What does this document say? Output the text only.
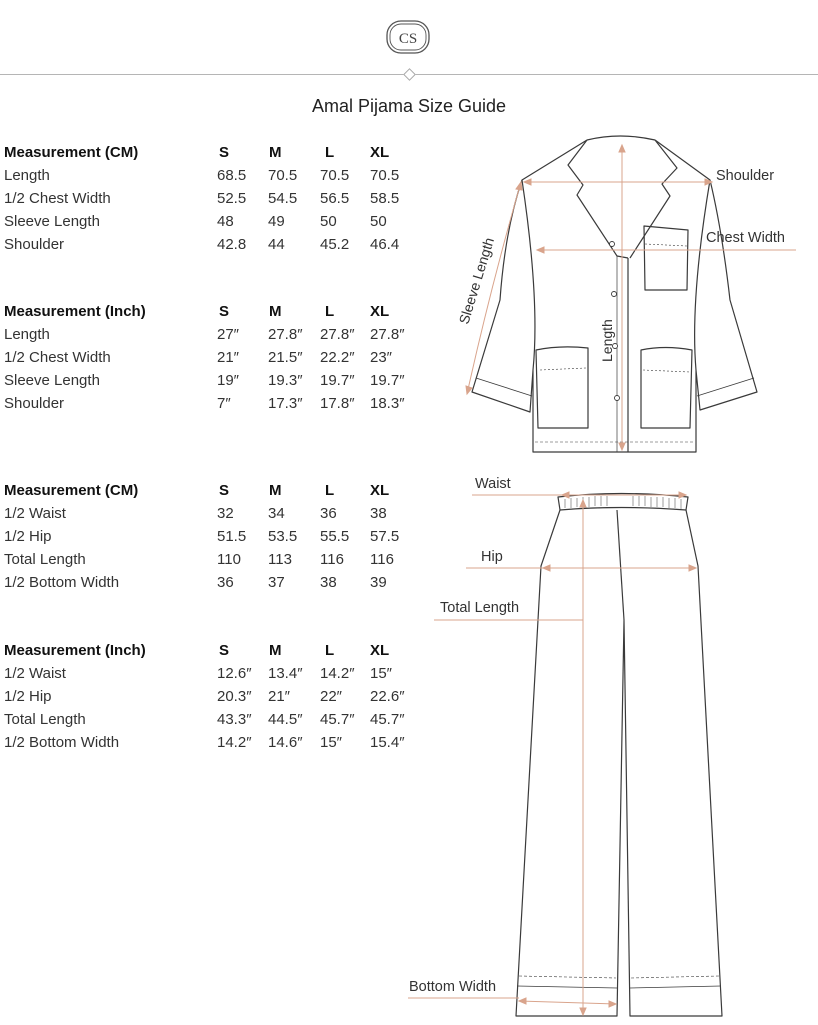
CS
Amal Pijama Size Guide
Measurement (CM)	S	M	L XL
Length	68.5 70.5 70.5 70.5
1/2 Chest Width	52.5 54.5 56.5 58.5
Sleeve Length	48 49 50 50
Shoulder	42.8 44 45.2 46.4
Measurement (Inch)	S	M	L XL
Length	27″ 27.8″ 27.8″ 27.8″
1/2 Chest Width	21″ 21.5″ 22.2″ 23″
Sleeve Length	19″ 19.3″ 19.7″ 19.7″
Shoulder	7″ 17.3″ 17.8″ 18.3″
Measurement (CM)	S	M	L XL
1/2 Waist	32 34 36 38
1/2 Hip	51.5 53.5 55.5 57.5
Total Length	110 113 116 116
1/2 Bottom Width	36 37 38 39
Measurement (Inch)	S	M	L XL
1/2 Waist	12.6″ 13.4″ 14.2″ 15″
1/2 Hip	20.3″ 21″ 22″ 22.6″
Total Length	43.3″ 44.5″ 45.7″ 45.7″
1/2 Bottom Width	14.2″ 14.6″ 15″ 15.4″
Sleeve Length
Length
Shoulder
Chest Width
Waist
Hip
Total Length
Bottom Width
